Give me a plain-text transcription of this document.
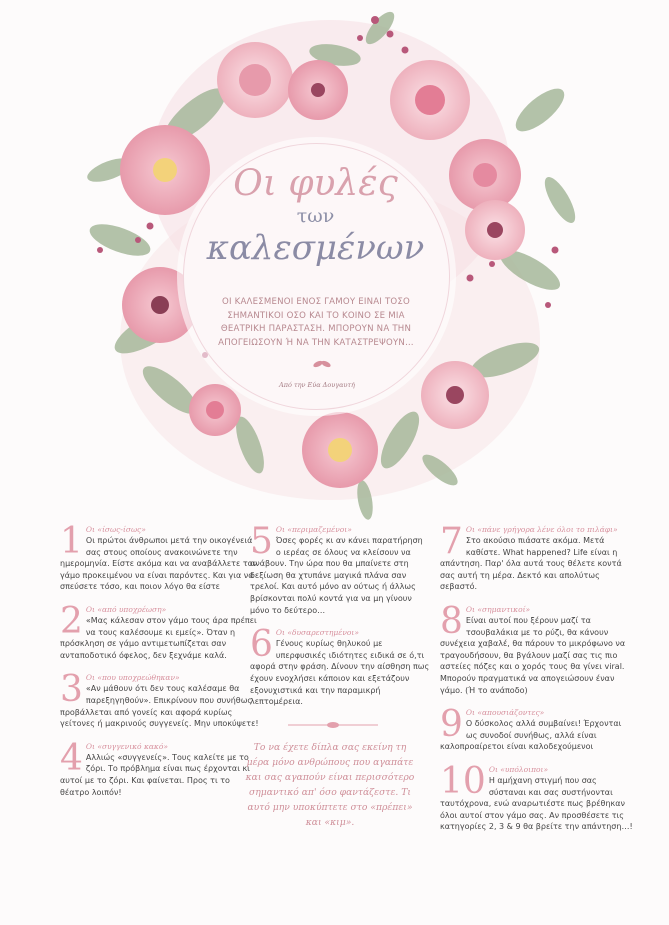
Οι φυλές
των
καλεσμένων
ΟΙ ΚΑΛΕΣΜΕΝΟΙ ΕΝΟΣ ΓΑΜΟΥ ΕΙΝΑΙ ΤΟΣΟ ΣΗΜΑΝΤΙΚΟΙ ΟΣΟ ΚΑΙ ΤΟ ΚΟΙΝΟ ΣΕ ΜΙΑ ΘΕΑΤΡΙΚΗ ΠΑΡΑΣΤΑΣΗ. ΜΠΟΡΟΥΝ ΝΑ ΤΗΝ ΑΠΟΓΕΙΩΣΟΥΝ Ή ΝΑ ΤΗΝ ΚΑΤΑΣΤΡΕΨΟΥΝ…
Από την Εύα Δουγαυτή
1 Οι «ίσως-ίσως»
Οι πρώτοι άνθρωποι μετά την οικογένειά σας στους οποίους ανακοινώνετε την ημερομηνία. Είστε ακόμα και να αναβάλλετε τον γάμο προκειμένου να είναι παρόντες. Και για να σπεύσετε τόσο, και ποιον λόγο θα είστε
2 Οι «από υποχρέωση»
«Μας κάλεσαν στον γάμο τους άρα πρέπει να τους καλέσουμε κι εμείς». Όταν η πρόσκληση σε γάμο αντιμετωπίζεται σαν ανταποδοτικό όφελος, δεν ξεχνάμε καλά.
3 Οι «που υποχρεώθηκαν»
«Αν μάθουν ότι δεν τους καλέσαμε θα παρεξηγηθούν». Επικρίνουν που συνήθως προβάλλεται από γονείς και αφορά κυρίως γείτονες ή μακρινούς συγγενείς. Μην υποκύψετε!
4 Οι «συγγενικό κακό»
Αλλιώς «συγγενείς». Τους καλείτε με το ζόρι. Το πρόβλημα είναι πως έρχονται κι αυτοί με το ζόρι. Και φαίνεται. Προς τι το θέατρο λοιπόν!
5 Οι «περιμαζεμένοι»
Όσες φορές κι αν κάνει παρατήρηση ο ιερέας σε όλους να κλείσουν να ανάβουν. Την ώρα που θα μπαίνετε στη δεξίωση θα χτυπάνε μαγικά πλάνα σαν τρελοί. Και αυτό μόνο αν ούτως ή άλλως βρίσκονται πολύ κοντά για να μη γίνουν μόνο το δεύτερο…
6 Οι «δυσαρεστημένοι»
Γένους κυρίως θηλυκού με υπερφυσικές ιδιότητες ειδικά σε ό,τι αφορά στην φράση. Δίνουν την αίσθηση πως έχουν ενοχλήσει κάποιον και εξετάζουν εξονυχιστικά και την παραμικρή λεπτομέρεια.
Το να έχετε δίπλα σας εκείνη τη μέρα μόνο ανθρώπους που αγαπάτε και σας αγαπούν είναι περισσότερο σημαντικό απ' όσο φαντάζεστε. Τι αυτό μην υποκύπτετε στο «πρέπει» και «κιμ».
7 Οι «πάνε γρήγορα λένε όλοι το πιλάφι»
Στο ακούσιο πιάσατε ακόμα. Μετά καθίστε. What happened? Life είναι η απάντηση. Παρ' όλα αυτά τους θέλετε κοντά σας αυτή τη μέρα. Δεκτό και απολύτως σεβαστό.
8 Οι «σημαντικοί»
Είναι αυτοί που ξέρουν μαζί τα τσουβαλάκια με το ρύζι, θα κάνουν συνέχεια χαβαλέ, θα πάρουν το μικρόφωνο να τραγουδήσουν, θα βγάλουν μαζί σας τις πιο αστείες πόζες και ο χορός τους θα γίνει viral. Μπορούν πραγματικά να απογειώσουν έναν γάμο. (Ή το ανάποδο)
9 Οι «απουσιάζοντες»
Ο δύσκολος αλλά συμβαίνει! Έρχονται ως συνοδοί συνήθως, αλλά είναι καλοπροαίρετοι είναι καλοδεχούμενοι
10 Οι «υπόλοιποι»
Η αμήχανη στιγμή που σας σύσταναι και σας συστήνονται ταυτόχρονα, ενώ αναρωτιέστε πως βρέθηκαν όλοι αυτοί στον γάμο σας. Αν προσθέσετε τις κατηγορίες 2, 3 & 9 θα βρείτε την απάντηση…!
